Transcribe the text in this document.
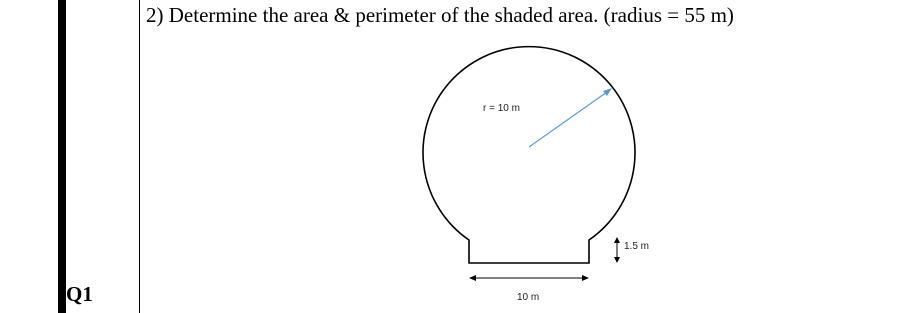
Q1
2) Determine the area & perimeter of the shaded area. (radius = 55 m)
r = 10 m
1.5 m
10 m
